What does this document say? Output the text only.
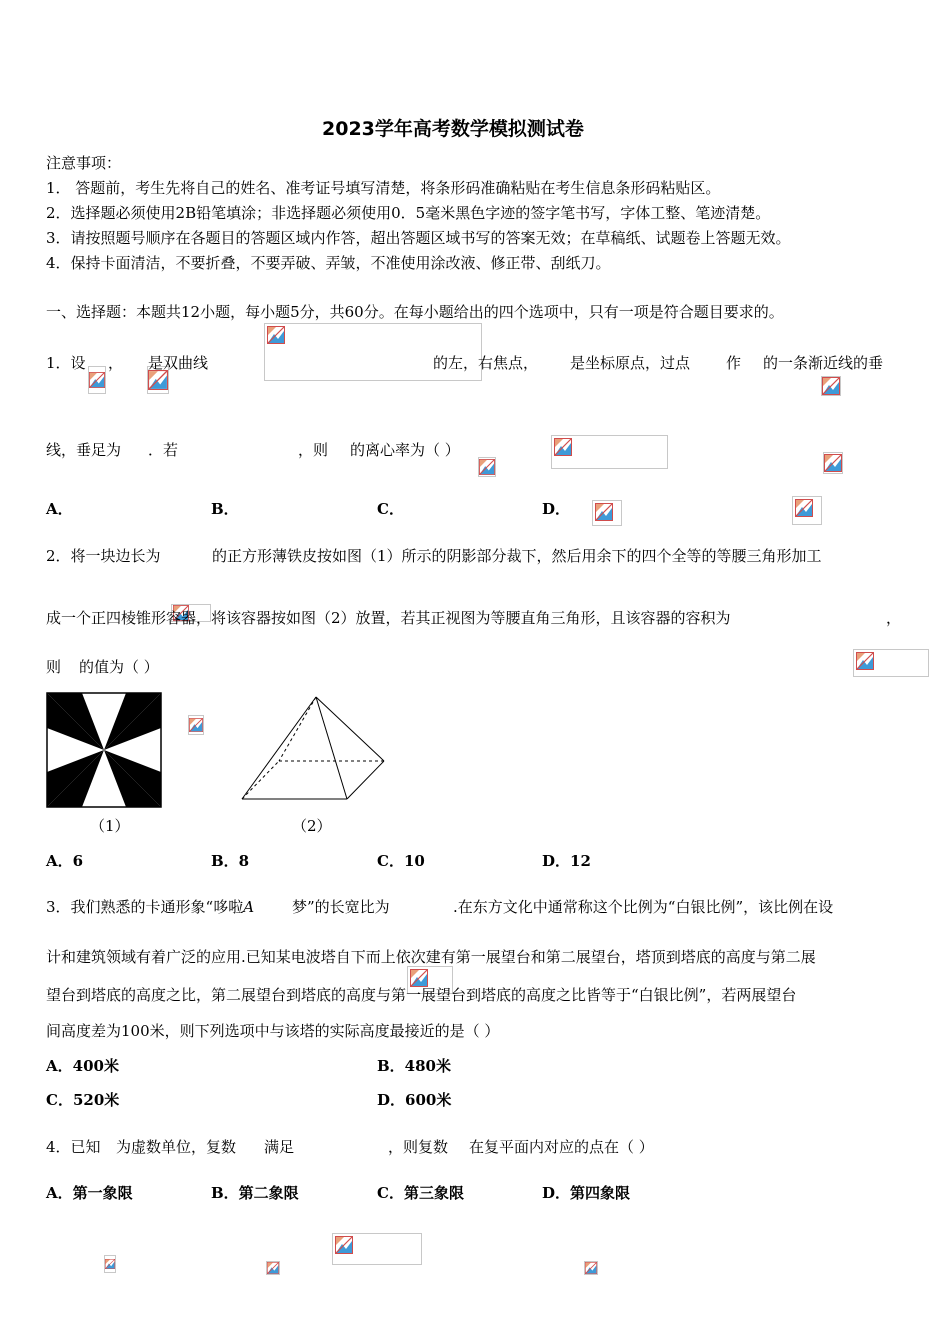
2023学年高考数学模拟测试卷
注意事项：
1． 答题前，考生先将自己的姓名、准考证号填写清楚，将条形码准确粘贴在考生信息条形码粘贴区。
2．选择题必须使用2B铅笔填涂；非选择题必须使用0．5毫米黑色字迹的签字笔书写，字体工整、笔迹清楚。
3．请按照题号顺序在各题目的答题区域内作答，超出答题区域书写的答案无效；在草稿纸、试题卷上答题无效。
4．保持卡面清洁，不要折叠，不要弄破、弄皱，不准使用涂改液、修正带、刮纸刀。
一、选择题：本题共12小题，每小题5分，共60分。在每小题给出的四个选项中，只有一项是符合题目要求的。
1．设
，
是双曲线
	的左，右焦点，
是坐标原点，过点
作
的一条渐近线的垂
线，垂足为
．若
	，则
的离心率为（ ）
A．
	B．
	C．
	D．
2．将一块边长为
	的正方形薄铁皮按如图（1）所示的阴影部分裁下，然后用余下的四个全等的等腰三角形加工
成一个正四棱锥形容器，将该容器按如图（2）放置，若其正视图为等腰直角三角形，且该容器的容积为
	，
则 的值为（ ）
（1）	（2）
A．6	B．8	C．10	D．12
3．我们熟悉的卡通形象“哆啦A	梦”的长宽比为	.在东方文化中通常称这个比例为“白银比例”，该比例在设
计和建筑领域有着广泛的应用.已知某电波塔自下而上依次建有第一展望台和第二展望台，塔顶到塔底的高度与第二展
望台到塔底的高度之比，第二展望台到塔底的高度与第一展望台到塔底的高度之比皆等于“白银比例”，若两展望台
间高度差为100米，则下列选项中与该塔的实际高度最接近的是（ ）
A．400米	B．480米
C．520米	D．600米
4．已知
为虚数单位，复数
满足
	，则复数 在复平面内对应的点在（ ）
A．第一象限	B．第二象限	C．第三象限	D．第四象限
